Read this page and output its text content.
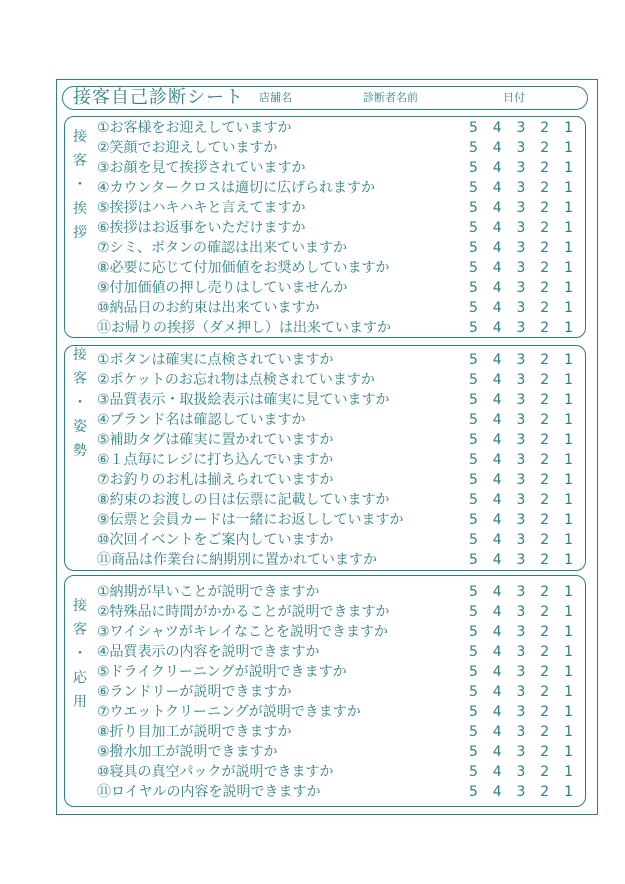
接客自己診断シート 店舗名	診断者名前	日付
接
客
・
挨
拶
①お客様をお迎えしていますか	5 4 3 2 1
②笑顔でお迎えしていますか	5 4 3 2 1
③お顔を見て挨拶されていますか	5 4 3 2 1
④カウンタークロスは適切に広げられますか	5 4 3 2 1
⑤挨拶はハキハキと言えてますか	5 4 3 2 1
⑥挨拶はお返事をいただけますか	5 4 3 2 1
⑦シミ、ボタンの確認は出来ていますか	5 4 3 2 1
⑧必要に応じて付加価値をお奨めしていますか	5 4 3 2 1
⑨付加価値の押し売りはしていませんか	5 4 3 2 1
⑩納品日のお約束は出来ていますか	5 4 3 2 1
⑪お帰りの挨拶（ダメ押し）は出来ていますか	5 4 3 2 1
接
客
・
姿
勢
①ボタンは確実に点検されていますか	5 4 3 2 1
②ポケットのお忘れ物は点検されていますか	5 4 3 2 1
③品質表示・取扱絵表示は確実に見ていますか	5 4 3 2 1
④ブランド名は確認していますか	5 4 3 2 1
⑤補助タグは確実に置かれていますか	5 4 3 2 1
⑥１点毎にレジに打ち込んでいますか	5 4 3 2 1
⑦お釣りのお札は揃えられていますか	5 4 3 2 1
⑧約束のお渡しの日は伝票に記載していますか	5 4 3 2 1
⑨伝票と会員カードは一緒にお返ししていますか	5 4 3 2 1
⑩次回イベントをご案内していますか	5 4 3 2 1
⑪商品は作業台に納期別に置かれていますか	5 4 3 2 1
接
客
・
応
用
①納期が早いことが説明できますか	5 4 3 2 1
②特殊品に時間がかかることが説明できますか	5 4 3 2 1
③ワイシャツがキレイなことを説明できますか	5 4 3 2 1
④品質表示の内容を説明できますか	5 4 3 2 1
⑤ドライクリーニングが説明できますか	5 4 3 2 1
⑥ランドリーが説明できますか	5 4 3 2 1
⑦ウエットクリーニングが説明できますか	5 4 3 2 1
⑧折り目加工が説明できますか	5 4 3 2 1
⑨撥水加工が説明できますか	5 4 3 2 1
⑩寝具の真空パックが説明できますか	5 4 3 2 1
⑪ロイヤルの内容を説明できますか	5 4 3 2 1
